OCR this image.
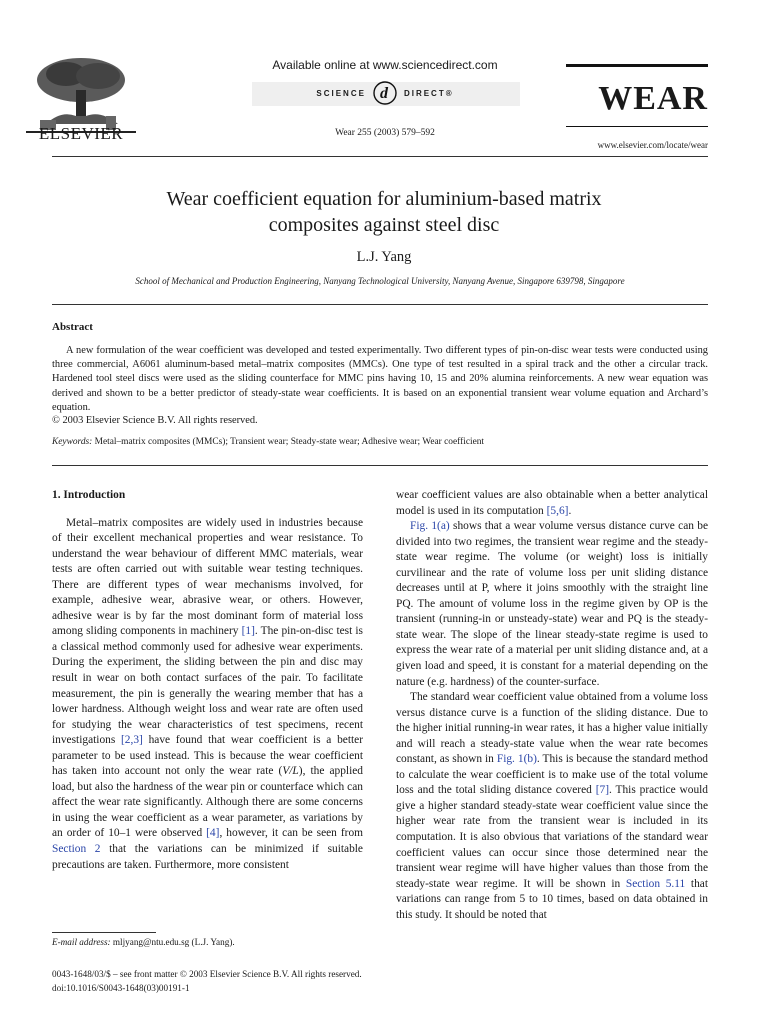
ELSEVIER
Available online at www.sciencedirect.com
SCIENCE d DIRECT®
Wear 255 (2003) 579–592
WEAR
www.elsevier.com/locate/wear
Wear coefficient equation for aluminium-based matrix composites against steel disc
L.J. Yang
School of Mechanical and Production Engineering, Nanyang Technological University, Nanyang Avenue, Singapore 639798, Singapore
Abstract

A new formulation of the wear coefficient was developed and tested experimentally. Two different types of pin-on-disc wear tests were conducted using three commercial, A6061 aluminum-based metal–matrix composites (MMCs). One type of test resulted in a spiral track and the other a circular track. Hardened tool steel discs were used as the sliding counterface for MMC pins having 10, 15 and 20% alumina reinforcements. A new wear equation was derived and shown to be a better predictor of steady-state wear coefficients. It is based on an exponential transient wear volume equation and Archard’s equation.

© 2003 Elsevier Science B.V. All rights reserved.
Keywords: Metal–matrix composites (MMCs); Transient wear; Steady-state wear; Adhesive wear; Wear coefficient
1. Introduction

Metal–matrix composites are widely used in industries because of their excellent mechanical properties and wear resistance. To understand the wear behaviour of different MMC materials, wear tests are often carried out with suitable wear testing techniques. There are different types of wear mechanisms involved, for example, adhesive wear, abrasive wear, or others. However, adhesive wear is by far the most dominant form of material loss among sliding components in machinery [1]. The pin-on-disc test is a classical method commonly used for adhesive wear experiments. During the experiment, the sliding between the pin and disc may result in wear on both contact surfaces of the pair. To facilitate measurement, the pin is generally the wearing member that has a lower hardness. Although weight loss and wear rate are often used for studying the wear characteristics of test specimens, recent investigations [2,3] have found that wear coefficient is a better parameter to be used instead. This is because the wear coefficient has taken into account not only the wear rate (V/L), the applied load, but also the hardness of the wear pin or counterface which can affect the wear rate significantly. Although there are some concerns in using the wear coefficient as a wear parameter, as variations by an order of 10–1 were observed [4], however, it can be seen from Section 2 that the variations can be minimized if suitable precautions are taken. Furthermore, more consistent

wear coefficient values are also obtainable when a better analytical model is used in its computation [5,6].

Fig. 1(a) shows that a wear volume versus distance curve can be divided into two regimes, the transient wear regime and the steady-state wear regime. The volume (or weight) loss is initially curvilinear and the rate of volume loss per unit sliding distance decreases until at P, where it joins smoothly with the straight line PQ. The amount of volume loss in the regime given by OP is the transient (running-in or unsteady-state) wear and PQ is the steady-state wear. The slope of the linear steady-state regime is used to express the wear rate of a material per unit sliding distance and, at a given load and speed, it is constant for a material depending on the nature (e.g. hardness) of the counter-surface.

The standard wear coefficient value obtained from a volume loss versus distance curve is a function of the sliding distance. Due to the higher initial running-in wear rates, it has a higher value initially and will reach a steady-state value when the wear rate becomes constant, as shown in Fig. 1(b). This is because the standard method to calculate the wear coefficient is to make use of the total volume loss and the total sliding distance covered [7]. This practice would give a higher standard steady-state wear coefficient value since the higher wear rate from the transient wear is included in its computation. It is also obvious that variations of the standard wear coefficient values can occur since those determined near the transient wear regime will have higher values than those from the steady-state wear regime. It will be shown in Section 5.11 that variations can range from 5 to 10 times, based on data obtained in this study. It should be noted that

E-mail address: mljyang@ntu.edu.sg (L.J. Yang).
0043-1648/03/$ – see front matter © 2003 Elsevier Science B.V. All rights reserved.
doi:10.1016/S0043-1648(03)00191-1
